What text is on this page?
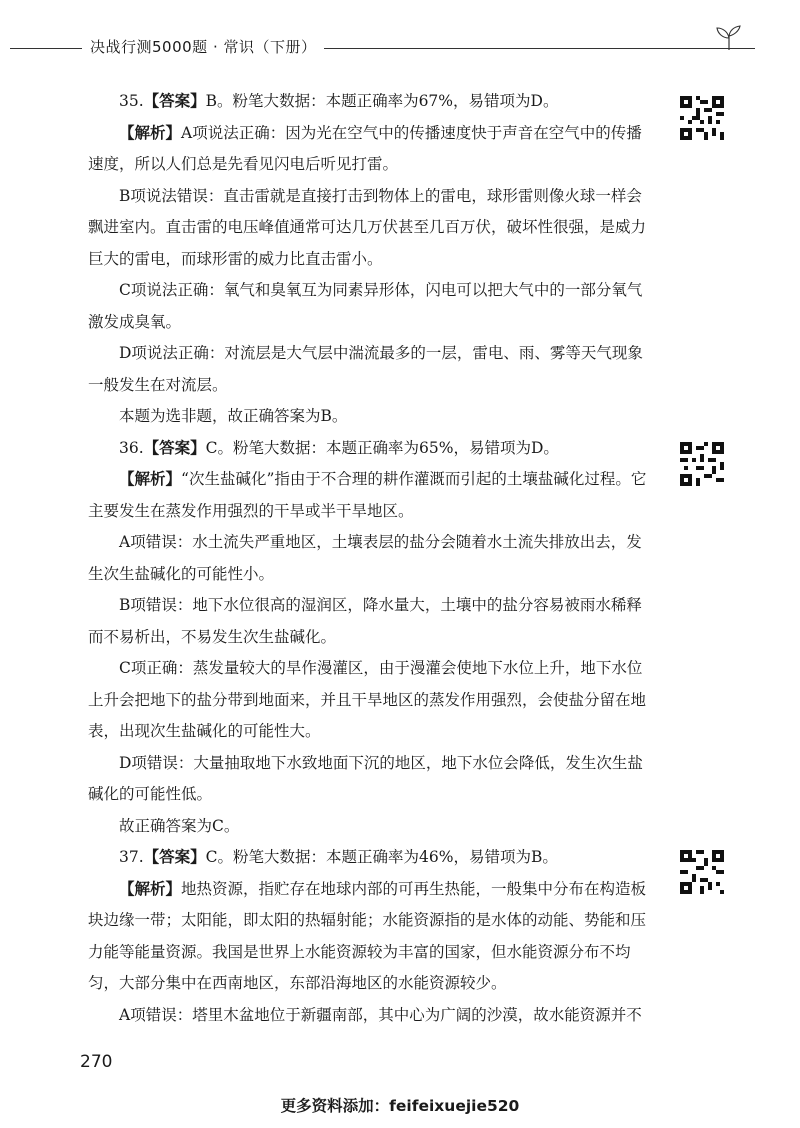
决战行测5000题 · 常识（下册）

35.【答案】B。粉笔大数据：本题正确率为67%，易错项为D。

【解析】A项说法正确：因为光在空气中的传播速度快于声音在空气中的传播速度，所以人们总是先看见闪电后听见打雷。

B项说法错误：直击雷就是直接打击到物体上的雷电，球形雷则像火球一样会飘进室内。直击雷的电压峰值通常可达几万伏甚至几百万伏，破坏性很强，是威力巨大的雷电，而球形雷的威力比直击雷小。

C项说法正确：氧气和臭氧互为同素异形体，闪电可以把大气中的一部分氧气激发成臭氧。

D项说法正确：对流层是大气层中湍流最多的一层，雷电、雨、雾等天气现象一般发生在对流层。

本题为选非题，故正确答案为B。

36.【答案】C。粉笔大数据：本题正确率为65%，易错项为D。

【解析】“次生盐碱化”指由于不合理的耕作灌溉而引起的土壤盐碱化过程。它主要发生在蒸发作用强烈的干旱或半干旱地区。

A项错误：水土流失严重地区，土壤表层的盐分会随着水土流失排放出去，发生次生盐碱化的可能性小。

B项错误：地下水位很高的湿润区，降水量大，土壤中的盐分容易被雨水稀释而不易析出，不易发生次生盐碱化。

C项正确：蒸发量较大的旱作漫灌区，由于漫灌会使地下水位上升，地下水位上升会把地下的盐分带到地面来，并且干旱地区的蒸发作用强烈，会使盐分留在地表，出现次生盐碱化的可能性大。

D项错误：大量抽取地下水致地面下沉的地区，地下水位会降低，发生次生盐碱化的可能性低。

故正确答案为C。

37.【答案】C。粉笔大数据：本题正确率为46%，易错项为B。

【解析】地热资源，指贮存在地球内部的可再生热能，一般集中分布在构造板块边缘一带；太阳能，即太阳的热辐射能；水能资源指的是水体的动能、势能和压力能等能量资源。我国是世界上水能资源较为丰富的国家，但水能资源分布不均匀，大部分集中在西南地区，东部沿海地区的水能资源较少。

A项错误：塔里木盆地位于新疆南部，其中心为广阔的沙漠，故水能资源并不

270
更多资料添加：feifeixuejie520
